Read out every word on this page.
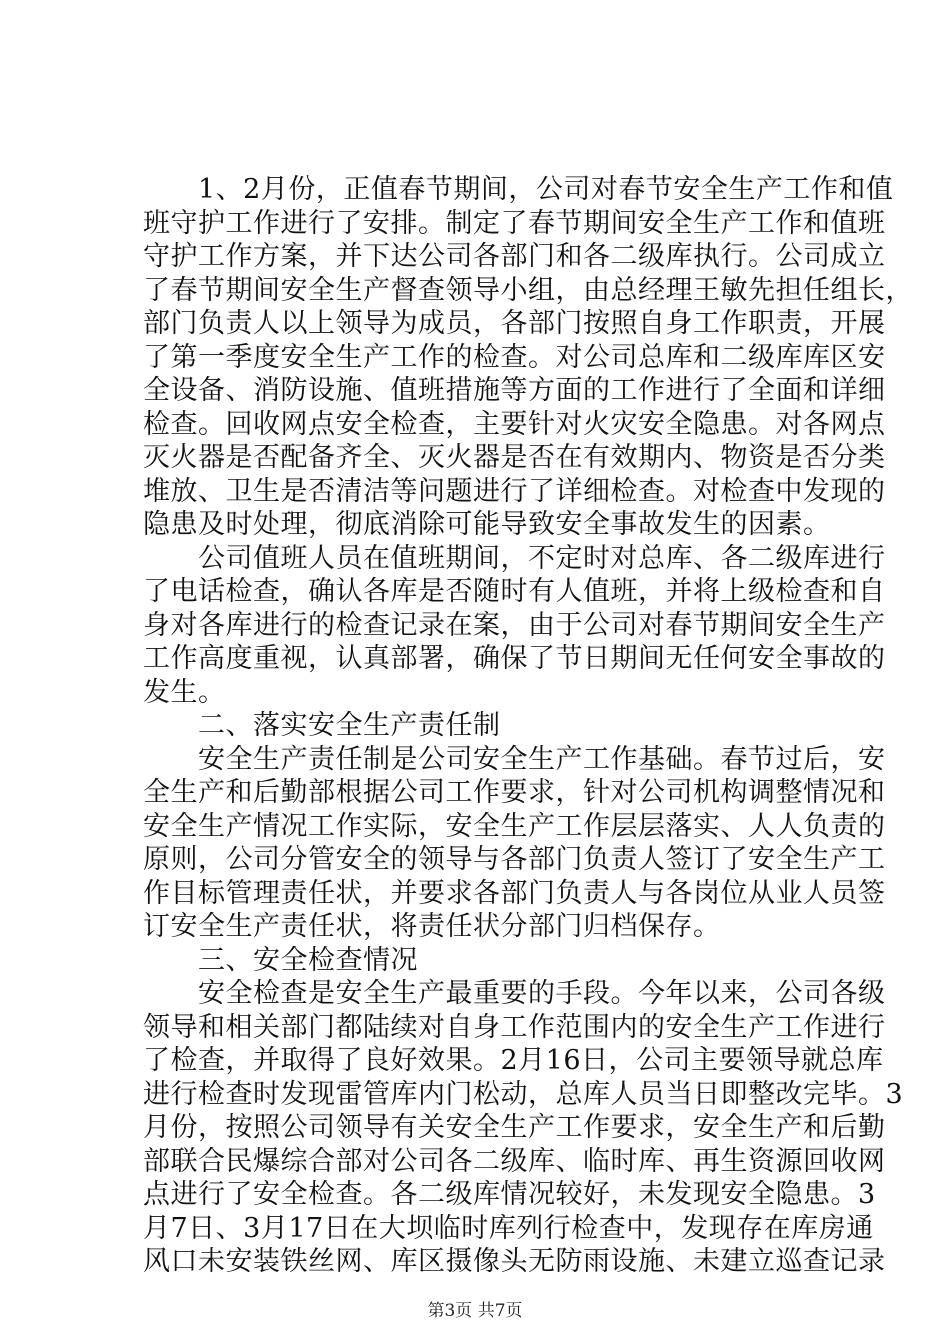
　　1、2月份，正值春节期间，公司对春节安全生产工作和值
班守护工作进行了安排。制定了春节期间安全生产工作和值班
守护工作方案，并下达公司各部门和各二级库执行。公司成立
了春节期间安全生产督查领导小组，由总经理王敏先担任组长，
部门负责人以上领导为成员，各部门按照自身工作职责，开展
了第一季度安全生产工作的检查。对公司总库和二级库库区安
全设备、消防设施、值班措施等方面的工作进行了全面和详细
检查。回收网点安全检查，主要针对火灾安全隐患。对各网点
灭火器是否配备齐全、灭火器是否在有效期内、物资是否分类
堆放、卫生是否清洁等问题进行了详细检查。对检查中发现的
隐患及时处理，彻底消除可能导致安全事故发生的因素。
　　公司值班人员在值班期间，不定时对总库、各二级库进行
了电话检查，确认各库是否随时有人值班，并将上级检查和自
身对各库进行的检查记录在案，由于公司对春节期间安全生产
工作高度重视，认真部署，确保了节日期间无任何安全事故的
发生。
　　二、落实安全生产责任制
　　安全生产责任制是公司安全生产工作基础。春节过后，安
全生产和后勤部根据公司工作要求，针对公司机构调整情况和
安全生产情况工作实际，安全生产工作层层落实、人人负责的
原则，公司分管安全的领导与各部门负责人签订了安全生产工
作目标管理责任状，并要求各部门负责人与各岗位从业人员签
订安全生产责任状，将责任状分部门归档保存。
　　三、安全检查情况
　　安全检查是安全生产最重要的手段。今年以来，公司各级
领导和相关部门都陆续对自身工作范围内的安全生产工作进行
了检查，并取得了良好效果。2月16日，公司主要领导就总库
进行检查时发现雷管库内门松动，总库人员当日即整改完毕。3
月份，按照公司领导有关安全生产工作要求，安全生产和后勤
部联合民爆综合部对公司各二级库、临时库、再生资源回收网
点进行了安全检查。各二级库情况较好，未发现安全隐患。3
月7日、3月17日在大坝临时库列行检查中，发现存在库房通
风口未安装铁丝网、库区摄像头无防雨设施、未建立巡查记录
第3页 共7页
